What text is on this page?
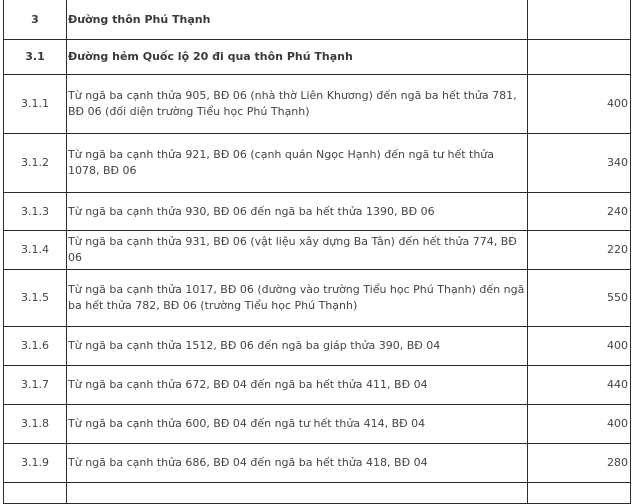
3	Đường thôn Phú Thạnh	
3.1	Đường hẻm Quốc lộ 20 đi qua thôn Phú Thạnh	
3.1.1	Từ ngã ba cạnh thửa 905, BĐ 06 (nhà thờ Liên Khương) đến ngã ba hết thửa 781, BĐ 06 (đối diện trường Tiểu học Phú Thạnh)	400
3.1.2	Từ ngã ba cạnh thửa 921, BĐ 06 (cạnh quán Ngọc Hạnh) đến ngã tư hết thửa 1078, BĐ 06	340
3.1.3	Từ ngã ba cạnh thửa 930, BĐ 06 đến ngã ba hết thửa 1390, BĐ 06	240
3.1.4	Từ ngã ba cạnh thửa 931, BĐ 06 (vật liệu xây dựng Ba Tân) đến hết thửa 774, BĐ 06	220
3.1.5	Từ ngã ba cạnh thửa 1017, BĐ 06 (đường vào trường Tiểu học Phú Thạnh) đến ngã ba hết thửa 782, BĐ 06 (trường Tiểu học Phú Thạnh)	550
3.1.6	Từ ngã ba cạnh thửa 1512, BĐ 06 đến ngã ba giáp thửa 390, BĐ 04	400
3.1.7	Từ ngã ba cạnh thửa 672, BĐ 04 đến ngã ba hết thửa 411, BĐ 04	440
3.1.8	Từ ngã ba cạnh thửa 600, BĐ 04 đến ngã tư hết thửa 414, BĐ 04	400
3.1.9	Từ ngã ba cạnh thửa 686, BĐ 04 đến ngã ba hết thửa 418, BĐ 04	280
